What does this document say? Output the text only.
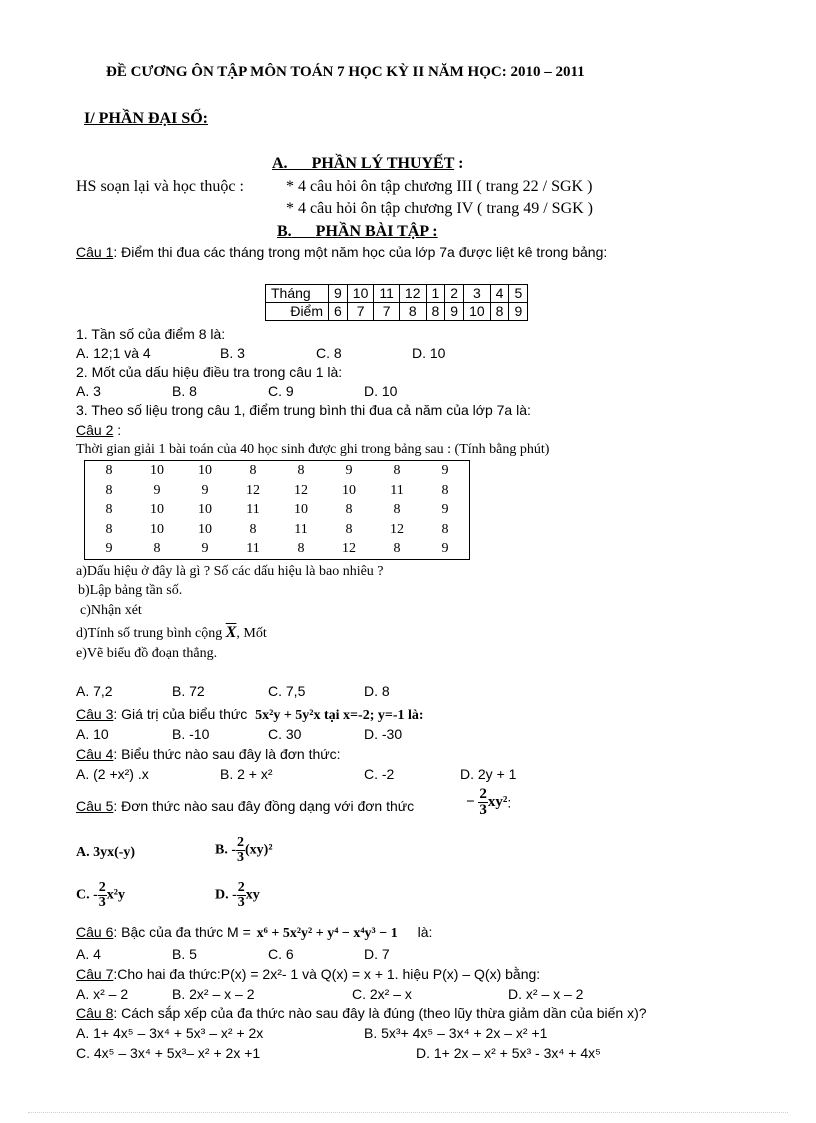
ĐỀ CƯƠNG ÔN TẬP MÔN TOÁN 7 HỌC KỲ II NĂM HỌC: 2010 – 2011
I/ PHẦN ĐẠI SỐ:
A. PHẦN LÝ THUYẾT :
HS soạn lại và học thuộc :	* 4 câu hỏi ôn tập chương III ( trang 22 / SGK )
* 4 câu hỏi ôn tập chương IV ( trang 49 / SGK )
B. PHẦN BÀI TẬP :
Câu 1: Điểm thi đua các tháng trong một năm học của lớp 7a được liệt kê trong bảng:
Tháng	9	10	11	12	1	2	3	4	5
Điểm	6	7	7	8	8	9	10	8	9
1. Tần số của điểm 8 là:
A. 12;1 và 4	B. 3	C. 8	D. 10
2. Mốt của dấu hiệu điều tra trong câu 1 là:
A. 3	B. 8	C. 9	D. 10
3. Theo số liệu trong câu 1, điểm trung bình thi đua cả năm của lớp 7a là:
Câu 2 :
Thời gian giải 1 bài toán của 40 học sinh được ghi trong bảng sau : (Tính bằng phút)
8	10	10	8	8	9	8	9
8	9	9	12	12	10	11	8
8	10	10	11	10	8	8	9
8	10	10	8	11	8	12	8
9	8	9	11	8	12	8	9
a)Dấu hiệu ở đây là gì ? Số các dấu hiệu là bao nhiêu ?
b)Lập bảng tần số.
c)Nhận xét
d)Tính số trung bình cộng $\overline{X}$, Mốt
e)Vẽ biểu đồ đoạn thẳng.
A. 7,2	B. 72	C. 7,5	D. 8
Câu 3: Giá trị của biểu thức 5x²y + 5y²x tại x=-2; y=-1 là:
A. 10	B. -10	C. 30	D. -30
Câu 4: Biểu thức nào sau đây là đơn thức:
A. (2 +x²) .x	B. 2 + x²	C. -2	D. 2y + 1
Câu 5: Đơn thức nào sau đây đồng dạng với đơn thức	− $\frac{2}{3} xy^2$:
A. 3yx(-y)	B. - $\frac{2}{3} (xy)^2$
C. - $\frac{2}{3} x^2y$	D. - $\frac{2}{3}$ xy
Câu 6: Bậc của đa thức M = x⁶ + 5x²y² + y⁴ − x⁴y³ − 1 là:
A. 4	B. 5	C. 6	D. 7
Câu 7:Cho hai đa thức:P(x) = 2x²- 1 và Q(x) = x + 1. hiệu P(x) – Q(x) bằng:
A. x² – 2	B. 2x² – x – 2	C. 2x² – x	D. x² – x – 2
Câu 8: Cách sắp xếp của đa thức nào sau đây là đúng (theo lũy thừa giảm dần của biến x)?
A. 1+ 4x⁵ – 3x⁴ + 5x³ – x² + 2x	B. 5x³+ 4x⁵ – 3x⁴ + 2x – x² +1
C. 4x⁵ – 3x⁴ + 5x³– x² + 2x +1	D. 1+ 2x – x² + 5x³ - 3x⁴ + 4x⁵
